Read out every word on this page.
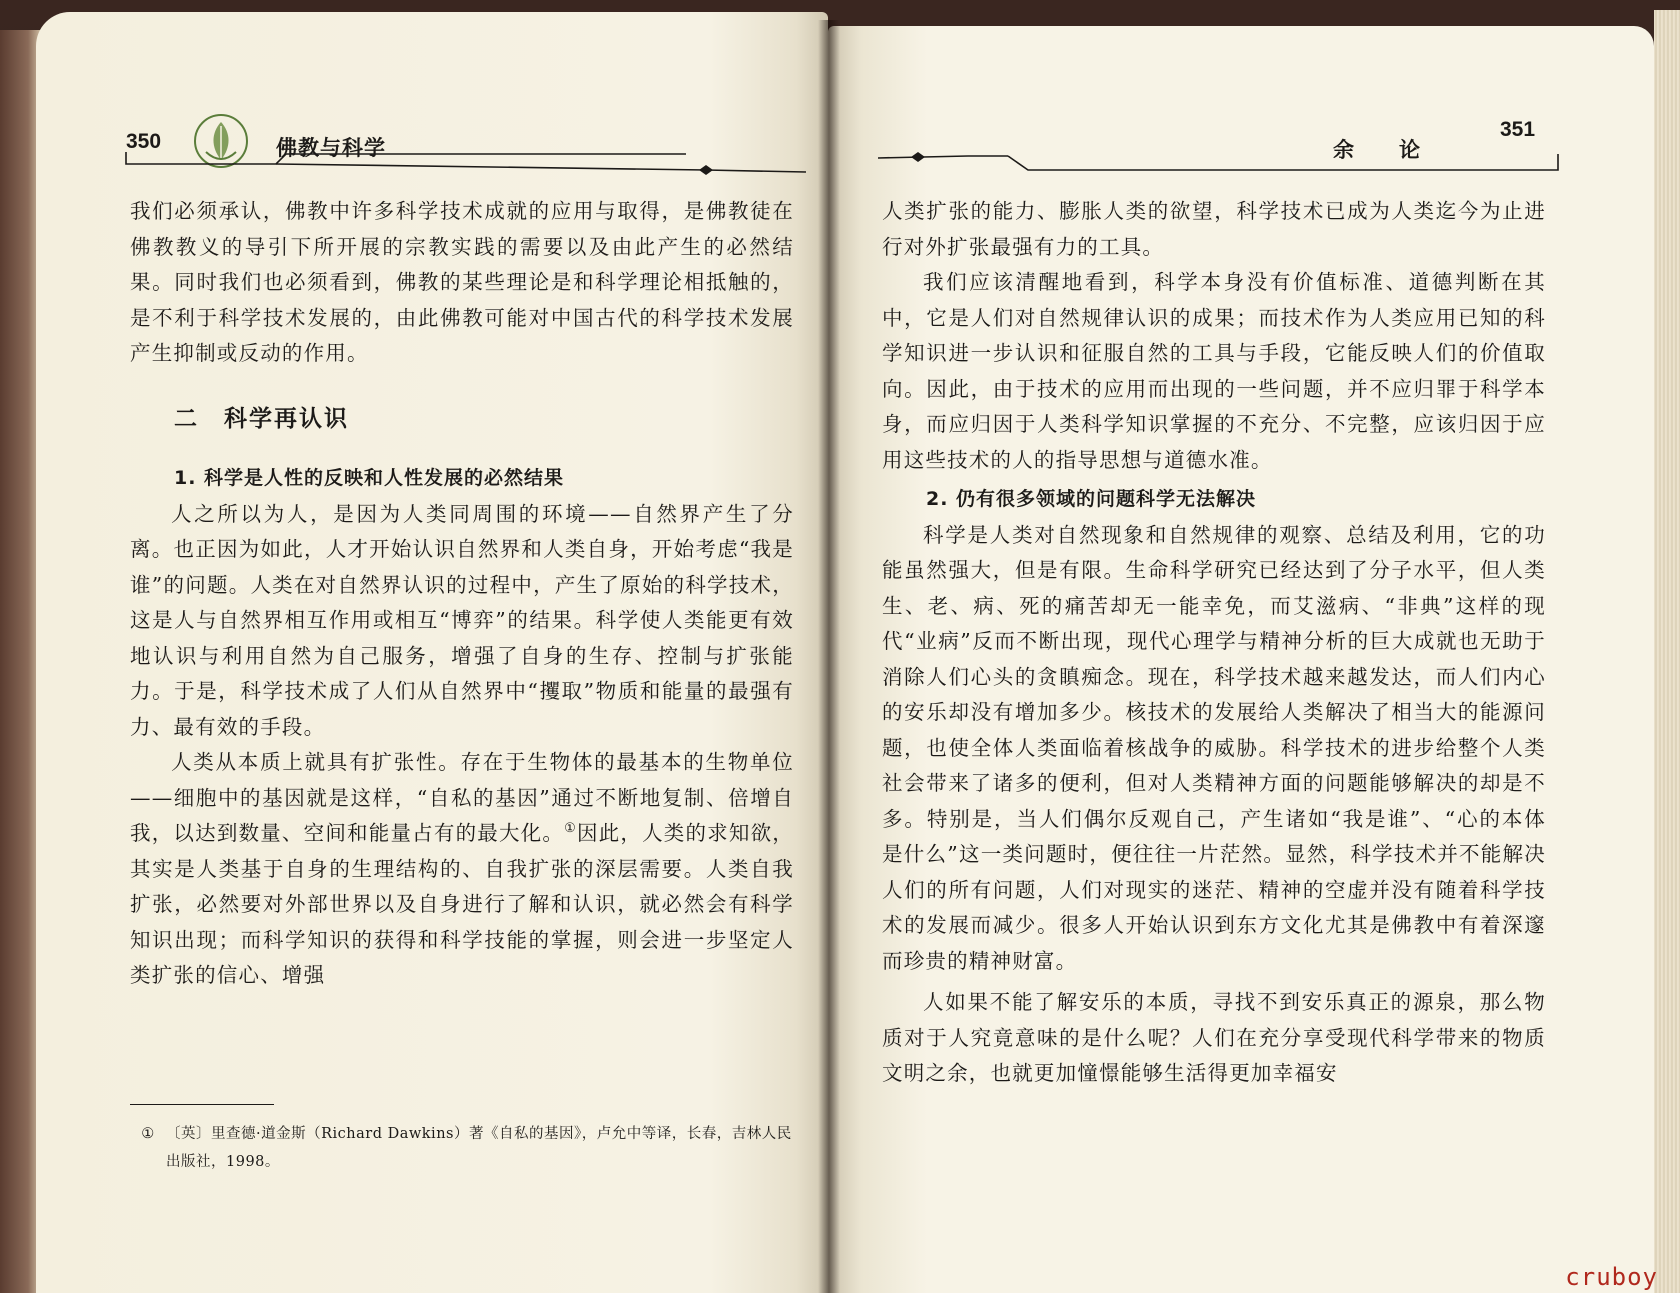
350	佛教与科学

我们必须承认，佛教中许多科学技术成就的应用与取得，是佛教徒在佛教教义的导引下所开展的宗教实践的需要以及由此产生的必然结果。同时我们也必须看到，佛教的某些理论是和科学理论相抵触的，是不利于科学技术发展的，由此佛教可能对中国古代的科学技术发展产生抑制或反动的作用。

二　科学再认识

1. 科学是人性的反映和人性发展的必然结果

人之所以为人，是因为人类同周围的环境——自然界产生了分离。也正因为如此，人才开始认识自然界和人类自身，开始考虑“我是谁”的问题。人类在对自然界认识的过程中，产生了原始的科学技术，这是人与自然界相互作用或相互“博弈”的结果。科学使人类能更有效地认识与利用自然为自己服务，增强了自身的生存、控制与扩张能力。于是，科学技术成了人们从自然界中“攫取”物质和能量的最强有力、最有效的手段。

人类从本质上就具有扩张性。存在于生物体的最基本的生物单位——细胞中的基因就是这样，“自私的基因”通过不断地复制、倍增自我，以达到数量、空间和能量占有的最大化。①因此，人类的求知欲，其实是人类基于自身的生理结构的、自我扩张的深层需要。人类自我扩张，必然要对外部世界以及自身进行了解和认识，就必然会有科学知识出现；而科学知识的获得和科学技能的掌握，则会进一步坚定人类扩张的信心、增强

① 〔英〕里查德·道金斯（Richard Dawkins）著《自私的基因》，卢允中等译，长春，吉林人民出版社，1998。
余　　论
351

人类扩张的能力、膨胀人类的欲望，科学技术已成为人类迄今为止进行对外扩张最强有力的工具。

我们应该清醒地看到，科学本身没有价值标准、道德判断在其中，它是人们对自然规律认识的成果；而技术作为人类应用已知的科学知识进一步认识和征服自然的工具与手段，它能反映人们的价值取向。因此，由于技术的应用而出现的一些问题，并不应归罪于科学本身，而应归因于人类科学知识掌握的不充分、不完整，应该归因于应用这些技术的人的指导思想与道德水准。

2. 仍有很多领域的问题科学无法解决

科学是人类对自然现象和自然规律的观察、总结及利用，它的功能虽然强大，但是有限。生命科学研究已经达到了分子水平，但人类生、老、病、死的痛苦却无一能幸免，而艾滋病、“非典”这样的现代“业病”反而不断出现，现代心理学与精神分析的巨大成就也无助于消除人们心头的贪瞋痴念。现在，科学技术越来越发达，而人们内心的安乐却没有增加多少。核技术的发展给人类解决了相当大的能源问题，也使全体人类面临着核战争的威胁。科学技术的进步给整个人类社会带来了诸多的便利，但对人类精神方面的问题能够解决的却是不多。特别是，当人们偶尔反观自己，产生诸如“我是谁”、“心的本体是什么”这一类问题时，便往往一片茫然。显然，科学技术并不能解决人们的所有问题，人们对现实的迷茫、精神的空虚并没有随着科学技术的发展而减少。很多人开始认识到东方文化尤其是佛教中有着深邃而珍贵的精神财富。

人如果不能了解安乐的本质，寻找不到安乐真正的源泉，那么物质对于人究竟意味的是什么呢？人们在充分享受现代科学带来的物质文明之余，也就更加憧憬能够生活得更加幸福安

cruboy
